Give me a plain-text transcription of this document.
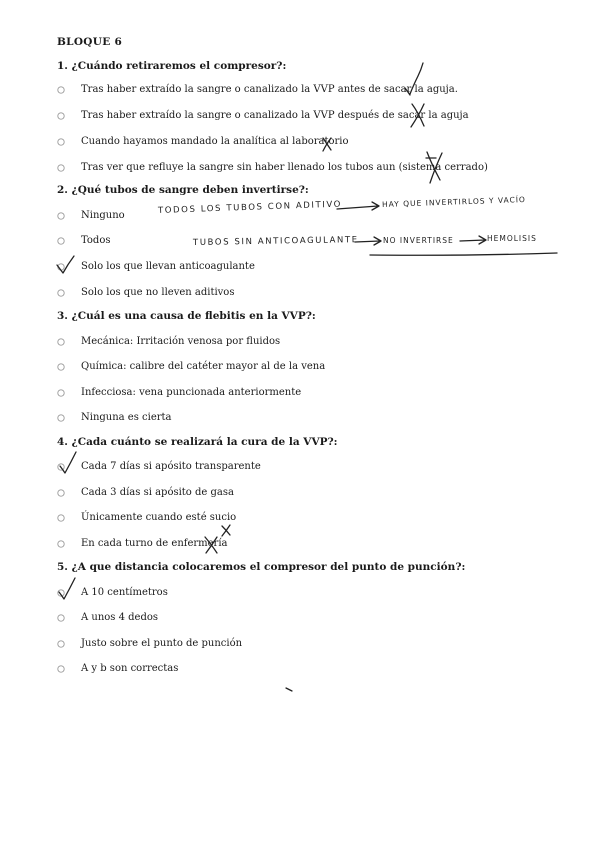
BLOQUE 6
1. ¿Cuándo retiraremos el compresor?:
Tras haber extraído la sangre o canalizado la VVP antes de sacar la aguja.
Tras haber extraído la sangre o canalizado la VVP después de sacar la aguja
Cuando hayamos mandado la analítica al laboratorio
Tras ver que refluye la sangre sin haber llenado los tubos aun (sistema cerrado)
2. ¿Qué tubos de sangre deben invertirse?:
Ninguno
Todos
Solo los que llevan anticoagulante
Solo los que no lleven aditivos
3. ¿Cuál es una causa de flebitis en la VVP?:
Mecánica: Irritación venosa por fluidos
Química: calibre del catéter mayor al de la vena
Infecciosa: vena puncionada anteriormente
Ninguna es cierta
4. ¿Cada cuánto se realizará la cura de la VVP?:
Cada 7 días si apósito transparente
Cada 3 días si apósito de gasa
Únicamente cuando esté sucio
En cada turno de enfermería
5. ¿A que distancia colocaremos el compresor del punto de punción?:
A 10 centímetros
A unos 4 dedos
Justo sobre el punto de punción
A y b son correctas
TODOS LOS TUBOS CON ADITIVO	HAY QUE INVERTIRLOS Y VACÍO
TUBOS SIN ANTICOAGULANTE	NO INVERTIRSE	HEMOLISIS
